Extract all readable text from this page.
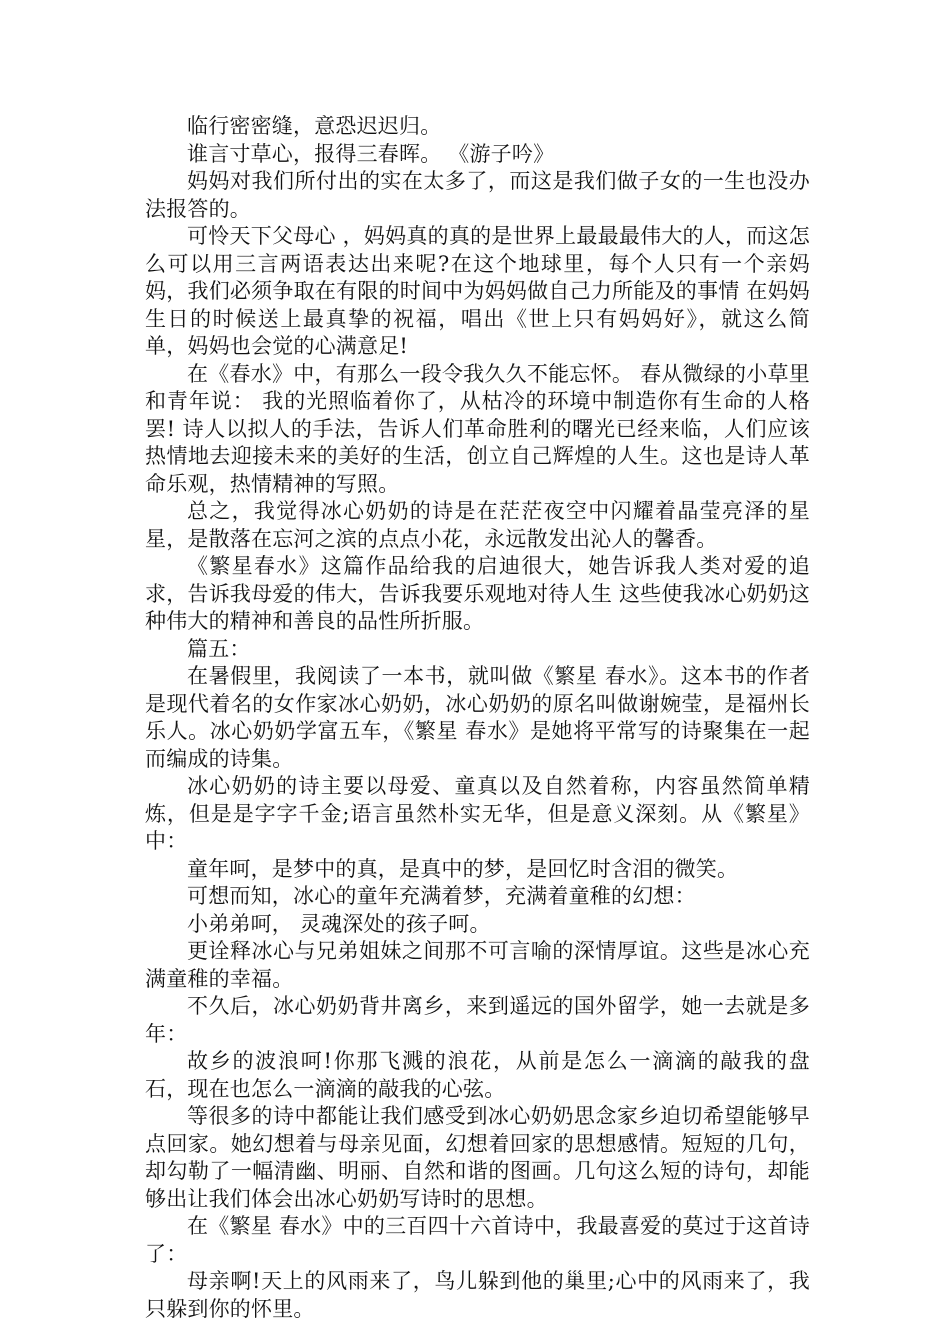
临行密密缝，意恐迟迟归。

谁言寸草心，报得三春晖。 《游子吟》

妈妈对我们所付出的实在太多了，而这是我们做子女的一生也没办法报答的。

可怜天下父母心 ，妈妈真的真的是世界上最最最伟大的人，而这怎么可以用三言两语表达出来呢?在这个地球里，每个人只有一个亲妈妈，我们必须争取在有限的时间中为妈妈做自己力所能及的事情 在妈妈生日的时候送上最真挚的祝福，唱出《世上只有妈妈好》，就这么简单，妈妈也会觉的心满意足!

在《春水》中，有那么一段令我久久不能忘怀。 春从微绿的小草里和青年说： 我的光照临着你了，从枯冷的环境中制造你有生命的人格罢! 诗人以拟人的手法，告诉人们革命胜利的曙光已经来临，人们应该热情地去迎接未来的美好的生活，创立自己辉煌的人生。这也是诗人革命乐观，热情精神的写照。

总之，我觉得冰心奶奶的诗是在茫茫夜空中闪耀着晶莹亮泽的星星，是散落在忘河之滨的点点小花，永远散发出沁人的馨香。

《繁星春水》这篇作品给我的启迪很大，她告诉我人类对爱的追求，告诉我母爱的伟大，告诉我要乐观地对待人生 这些使我冰心奶奶这种伟大的精神和善良的品性所折服。

篇五：

在暑假里，我阅读了一本书，就叫做《繁星 春水》。这本书的作者是现代着名的女作家冰心奶奶，冰心奶奶的原名叫做谢婉莹，是福州长乐人。冰心奶奶学富五车，《繁星 春水》是她将平常写的诗聚集在一起而编成的诗集。

冰心奶奶的诗主要以母爱、童真以及自然着称，内容虽然简单精炼，但是是字字千金;语言虽然朴实无华，但是意义深刻。从《繁星》中：

童年呵，是梦中的真，是真中的梦，是回忆时含泪的微笑。

可想而知，冰心的童年充满着梦，充满着童稚的幻想：

小弟弟呵， 灵魂深处的孩子呵。

更诠释冰心与兄弟姐妹之间那不可言喻的深情厚谊。这些是冰心充满童稚的幸福。

不久后，冰心奶奶背井离乡，来到遥远的国外留学，她一去就是多年：

故乡的波浪呵!你那飞溅的浪花，从前是怎么一滴滴的敲我的盘石，现在也怎么一滴滴的敲我的心弦。

等很多的诗中都能让我们感受到冰心奶奶思念家乡迫切希望能够早点回家。她幻想着与母亲见面，幻想着回家的思想感情。短短的几句，却勾勒了一幅清幽、明丽、自然和谐的图画。几句这么短的诗句，却能够出让我们体会出冰心奶奶写诗时的思想。

在《繁星 春水》中的三百四十六首诗中，我最喜爱的莫过于这首诗了：

母亲啊!天上的风雨来了，鸟儿躲到他的巢里;心中的风雨来了，我只躲到你的怀里。
